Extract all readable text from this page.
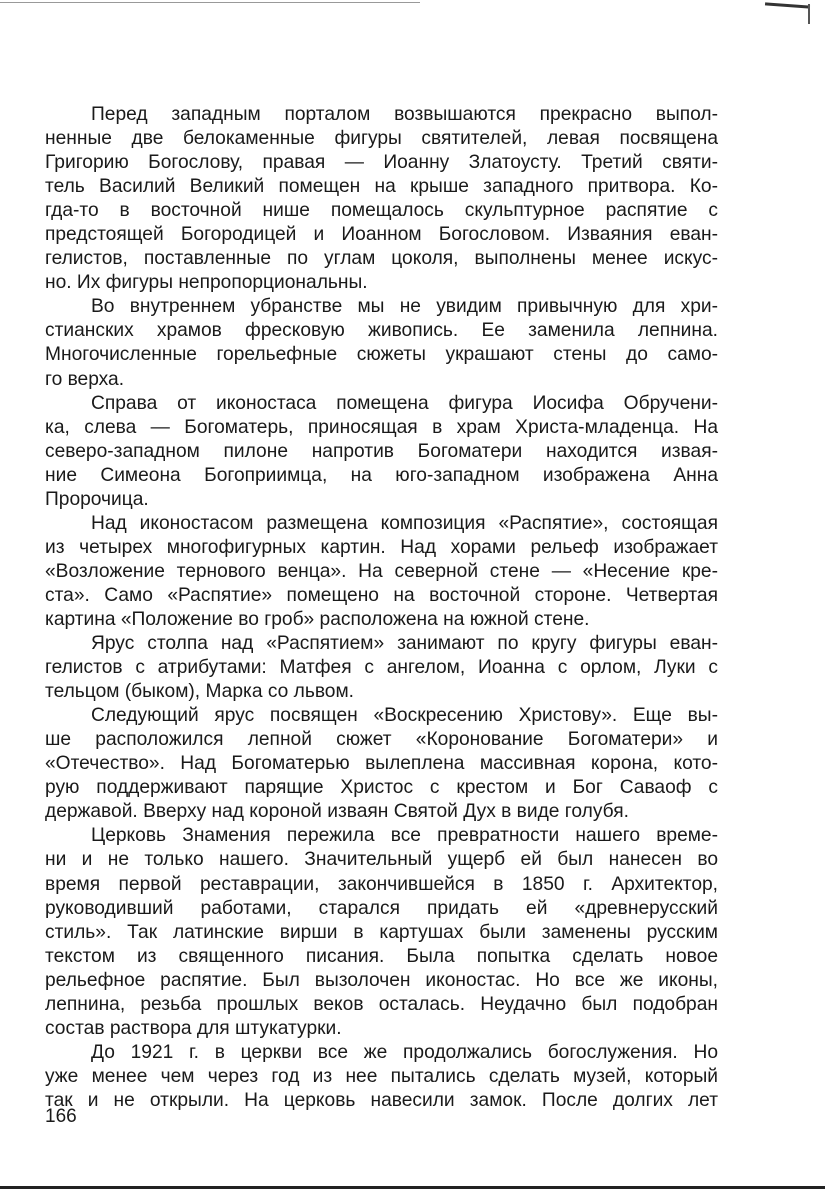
Перед западным порталом возвышаются прекрасно выпол-
ненные две белокаменные фигуры святителей, левая посвящена
Григорию Богослову, правая — Иоанну Златоусту. Третий святи-
тель Василий Великий помещен на крыше западного притвора. Ко-
гда-то в восточной нише помещалось скульптурное распятие с
предстоящей Богородицей и Иоанном Богословом. Изваяния еван-
гелистов, поставленные по углам цоколя, выполнены менее искус-
но. Их фигуры непропорциональны.
Во внутреннем убранстве мы не увидим привычную для хри-
стианских храмов фресковую живопись. Ее заменила лепнина.
Многочисленные горельефные сюжеты украшают стены до само-
го верха.
Справа от иконостаса помещена фигура Иосифа Обручени-
ка, слева — Богоматерь, приносящая в храм Христа-младенца. На
северо-западном пилоне напротив Богоматери находится извая-
ние Симеона Богоприимца, на юго-западном изображена Анна
Пророчица.
Над иконостасом размещена композиция «Распятие», состоящая
из четырех многофигурных картин. Над хорами рельеф изображает
«Возложение тернового венца». На северной стене — «Несение кре-
ста». Само «Распятие» помещено на восточной стороне. Четвертая
картина «Положение во гроб» расположена на южной стене.
Ярус столпа над «Распятием» занимают по кругу фигуры еван-
гелистов с атрибутами: Матфея с ангелом, Иоанна с орлом, Луки с
тельцом (быком), Марка со львом.
Следующий ярус посвящен «Воскресению Христову». Еще вы-
ше расположился лепной сюжет «Коронование Богоматери» и
«Отечество». Над Богоматерью вылеплена массивная корона, кото-
рую поддерживают парящие Христос с крестом и Бог Саваоф с
державой. Вверху над короной изваян Святой Дух в виде голубя.
Церковь Знамения пережила все превратности нашего време-
ни и не только нашего. Значительный ущерб ей был нанесен во
время первой реставрации, закончившейся в 1850 г. Архитектор,
руководивший работами, старался придать ей «древнерусский
стиль». Так латинские вирши в картушах были заменены русским
текстом из священного писания. Была попытка сделать новое
рельефное распятие. Был вызолочен иконостас. Но все же иконы,
лепнина, резьба прошлых веков осталась. Неудачно был подобран
состав раствора для штукатурки.
До 1921 г. в церкви все же продолжались богослужения. Но
уже менее чем через год из нее пытались сделать музей, который
так и не открыли. На церковь навесили замок. После долгих лет
166
